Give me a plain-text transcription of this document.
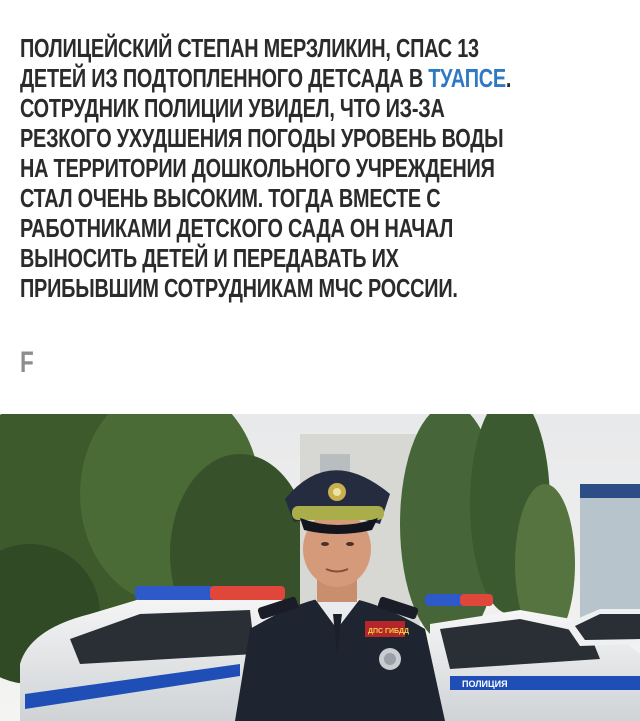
ПОЛИЦЕЙСКИЙ СТЕПАН МЕРЗЛИКИН, СПАС 13
ДЕТЕЙ ИЗ ПОДТОПЛЕННОГО ДЕТСАДА В ТУАПСЕ.
СОТРУДНИК ПОЛИЦИИ УВИДЕЛ, ЧТО ИЗ-ЗА
РЕЗКОГО УХУДШЕНИЯ ПОГОДЫ УРОВЕНЬ ВОДЫ
НА ТЕРРИТОРИИ ДОШКОЛЬНОГО УЧРЕЖДЕНИЯ
СТАЛ ОЧЕНЬ ВЫСОКИМ. ТОГДА ВМЕСТЕ С
РАБОТНИКАМИ ДЕТСКОГО САДА ОН НАЧАЛ
ВЫНОСИТЬ ДЕТЕЙ И ПЕРЕДАВАТЬ ИХ
ПРИБЫВШИМ СОТРУДНИКАМ МЧС РОССИИ.
F
ПОЛИЦИЯ
ДПС ГИБДД
